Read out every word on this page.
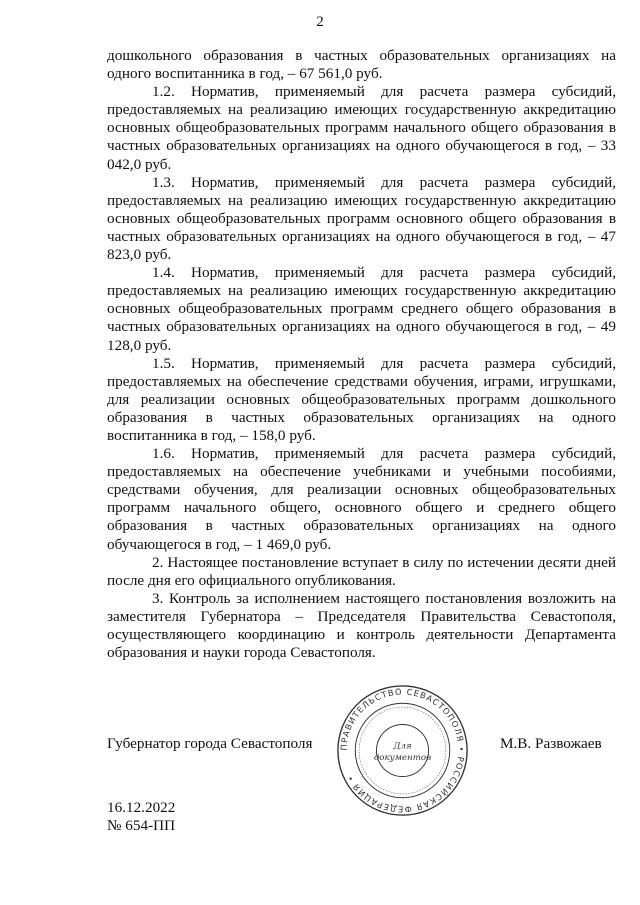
2

дошкольного образования в частных образовательных организациях на одного воспитанника в год, – 67 561,0 руб.

1.2. Норматив, применяемый для расчета размера субсидий, предоставляемых на реализацию имеющих государственную аккредитацию основных общеобразовательных программ начального общего образования в частных образовательных организациях на одного обучающегося в год, – 33 042,0 руб.

1.3. Норматив, применяемый для расчета размера субсидий, предоставляемых на реализацию имеющих государственную аккредитацию основных общеобразовательных программ основного общего образования в частных образовательных организациях на одного обучающегося в год, – 47 823,0 руб.

1.4. Норматив, применяемый для расчета размера субсидий, предоставляемых на реализацию имеющих государственную аккредитацию основных общеобразовательных программ среднего общего образования в частных образовательных организациях на одного обучающегося в год, – 49 128,0 руб.

1.5. Норматив, применяемый для расчета размера субсидий, предоставляемых на обеспечение средствами обучения, играми, игрушками, для реализации основных общеобразовательных программ дошкольного образования в частных образовательных организациях на одного воспитанника в год, – 158,0 руб.

1.6. Норматив, применяемый для расчета размера субсидий, предоставляемых на обеспечение учебниками и учебными пособиями, средствами обучения, для реализации основных общеобразовательных программ начального общего, основного общего и среднего общего образования в частных образовательных организациях на одного обучающегося в год, – 1 469,0 руб.

2. Настоящее постановление вступает в силу по истечении десяти дней после дня его официального опубликования.

3. Контроль за исполнением настоящего постановления возложить на заместителя Губернатора – Председателя Правительства Севастополя, осуществляющего координацию и контроль деятельности Департамента образования и науки города Севастополя.

ПРАВИТЕЛЬСТВО СЕВАСТОПОЛЯ • РОССИЙСКАЯ ФЕДЕРАЦИЯ •
Для
документов
Губернатор города Севастополя	М.В. Развожаев
16.12.2022
№ 654-ПП
